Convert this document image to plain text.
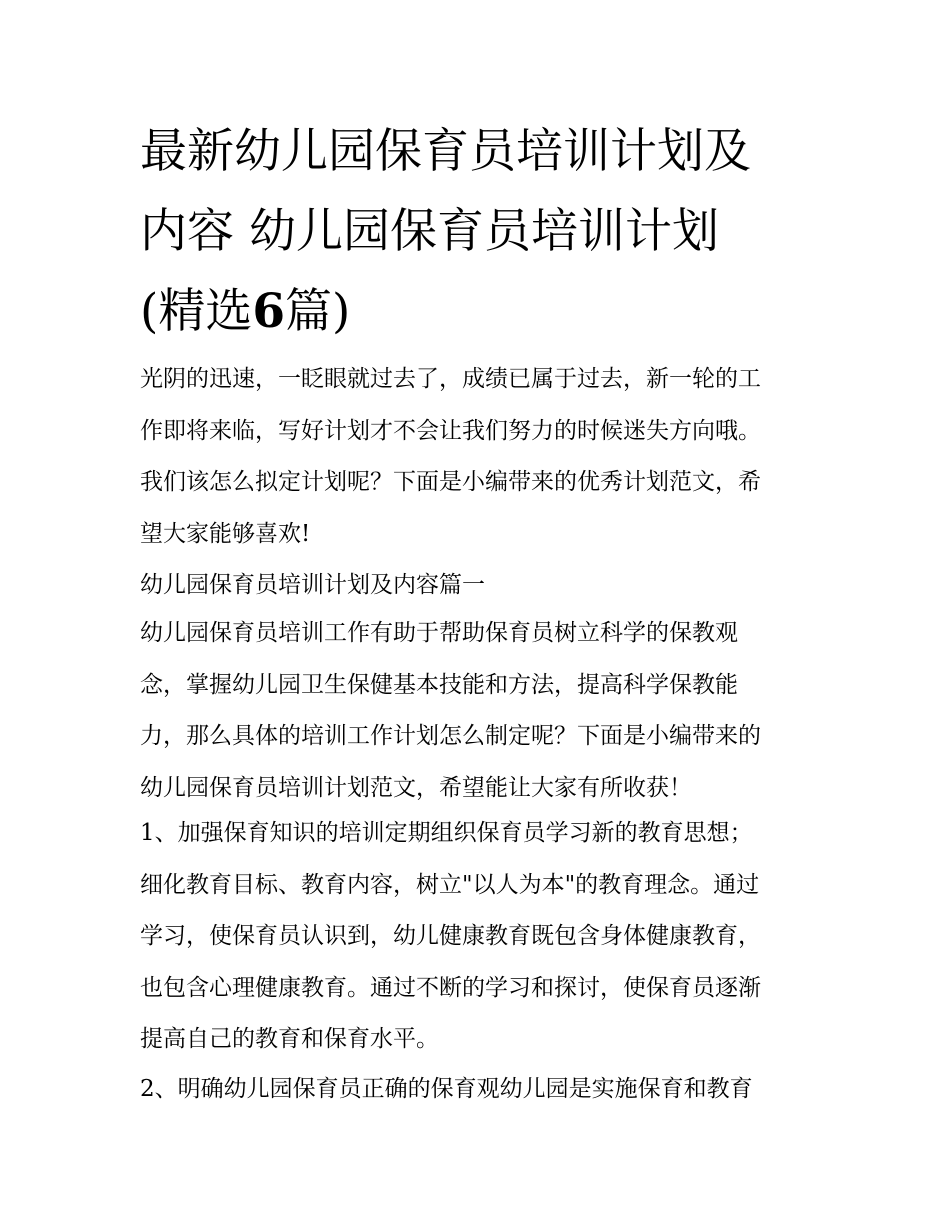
最新幼儿园保育员培训计划及
内容 幼儿园保育员培训计划
(精选6篇)

光阴的迅速，一眨眼就过去了，成绩已属于过去，新一轮的工
作即将来临，写好计划才不会让我们努力的时候迷失方向哦。
我们该怎么拟定计划呢？下面是小编带来的优秀计划范文，希
望大家能够喜欢!

幼儿园保育员培训计划及内容篇一

幼儿园保育员培训工作有助于帮助保育员树立科学的保教观
念，掌握幼儿园卫生保健基本技能和方法，提高科学保教能
力，那么具体的培训工作计划怎么制定呢？下面是小编带来的
幼儿园保育员培训计划范文，希望能让大家有所收获！

1、加强保育知识的培训定期组织保育员学习新的教育思想；
细化教育目标、教育内容，树立"以人为本"的教育理念。通过
学习，使保育员认识到，幼儿健康教育既包含身体健康教育，
也包含心理健康教育。通过不断的学习和探讨，使保育员逐渐
提高自己的教育和保育水平。

2、明确幼儿园保育员正确的保育观幼儿园是实施保育和教育
